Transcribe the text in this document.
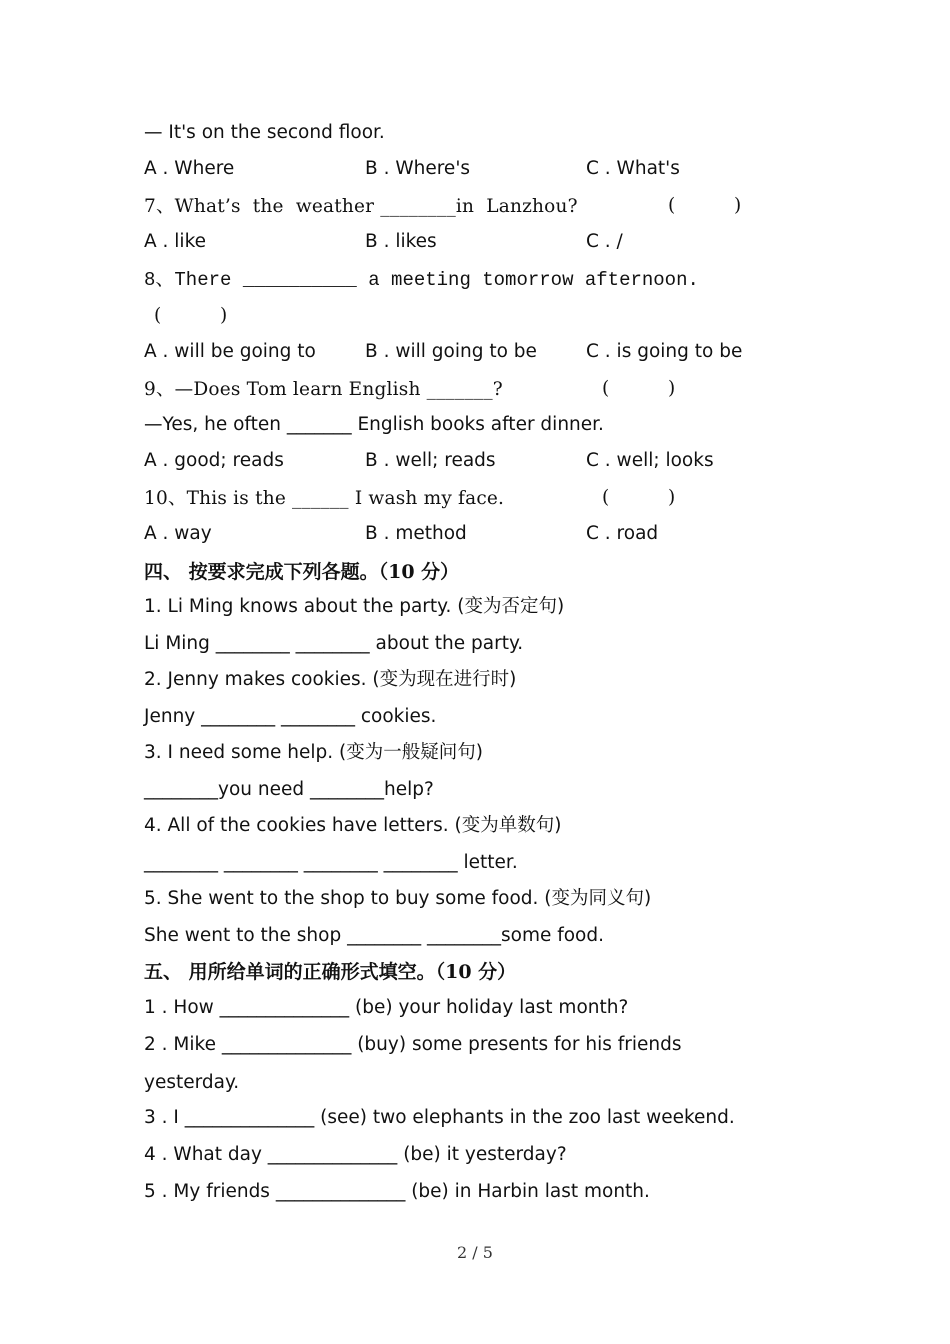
— It's on the second floor.
A . Where	B . Where's	C . What's
7、What’s  the  weather ________in  Lanzhou?	(          )
A . like	B . likes	C . /
8、There __________ a meeting tomorrow afternoon.
(          )
A . will be going to	B . will going to be	C . is going to be
9、—Does Tom learn English _______?	(          )
—Yes, he often _______ English books after dinner.
A . good; reads	B . well; reads	C . well; looks
10、This is the ______ I wash my face.	(          )
A . way	B . method	C . road
四、 按要求完成下列各题。（10 分）
1. Li Ming knows about the party. (变为否定句)
Li Ming ________ ________ about the party.
2. Jenny makes cookies. (变为现在进行时)
Jenny ________ ________ cookies.
3. I need some help. (变为一般疑问句)
________you need ________help?
4. All of the cookies have letters. (变为单数句)
________ ________ ________ ________ letter.
5. She went to the shop to buy some food. (变为同义句)
She went to the shop ________ ________some food.
五、 用所给单词的正确形式填空。（10 分）
1 . How ______________ (be) your holiday last month?
2 . Mike ______________ (buy) some presents for his friends
yesterday.
3 . I ______________ (see) two elephants in the zoo last weekend.
4 . What day ______________ (be) it yesterday?
5 . My friends ______________ (be) in Harbin last month.
2 / 5
